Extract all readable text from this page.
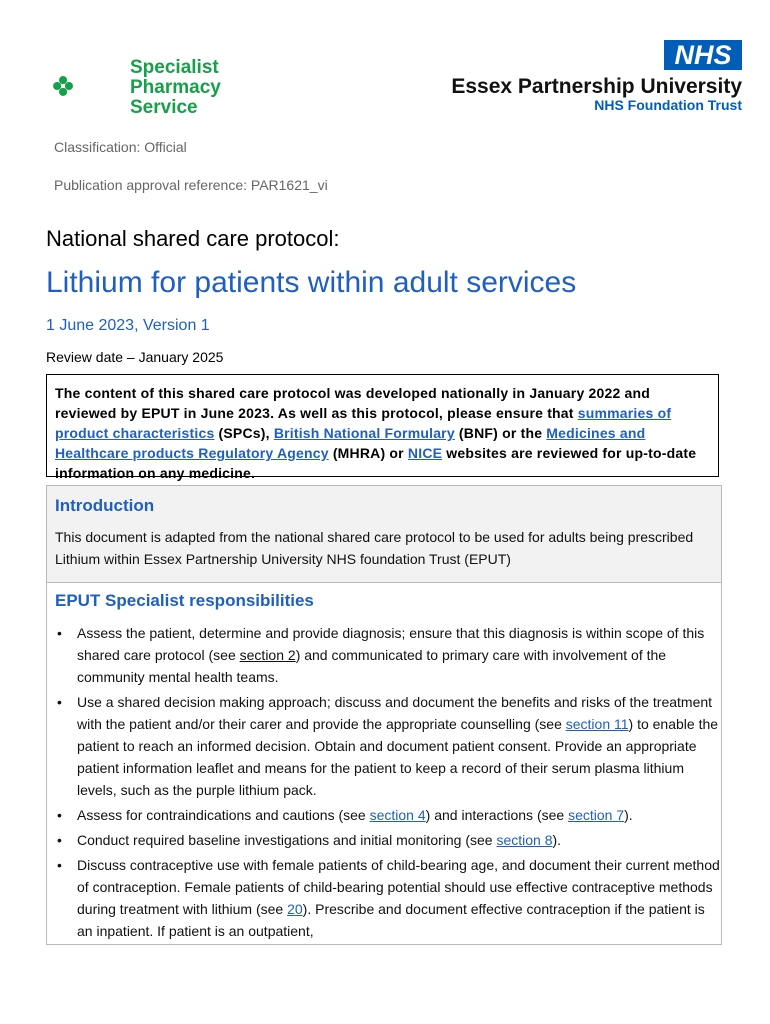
Specialist
Pharmacy
Service
NHS
Essex Partnership University
NHS Foundation Trust
Classification: Official
Publication approval reference: PAR1621_vi
National shared care protocol:
Lithium for patients within adult services
1 June 2023, Version 1
Review date – January 2025
The content of this shared care protocol was developed nationally in January 2022 and reviewed by EPUT in June 2023. As well as this protocol, please ensure that summaries of product characteristics (SPCs), British National Formulary (BNF) or the Medicines and Healthcare products Regulatory Agency (MHRA) or NICE websites are reviewed for up-to-date information on any medicine.
Introduction
This document is adapted from the national shared care protocol to be used for adults being prescribed Lithium within Essex Partnership University NHS foundation Trust (EPUT)
EPUT Specialist responsibilities
• Assess the patient, determine and provide diagnosis; ensure that this diagnosis is within scope of this shared care protocol (see section 2) and communicated to primary care with involvement of the community mental health teams.
• Use a shared decision making approach; discuss and document the benefits and risks of the treatment with the patient and/or their carer and provide the appropriate counselling (see section 11) to enable the patient to reach an informed decision. Obtain and document patient consent. Provide an appropriate patient information leaflet and means for the patient to keep a record of their serum plasma lithium levels, such as the purple lithium pack.
• Assess for contraindications and cautions (see section 4) and interactions (see section 7).
• Conduct required baseline investigations and initial monitoring (see section 8).
• Discuss contraceptive use with female patients of child-bearing age, and document their current method of contraception. Female patients of child-bearing potential should use effective contraceptive methods during treatment with lithium (see 20). Prescribe and document effective contraception if the patient is an inpatient. If patient is an outpatient,
